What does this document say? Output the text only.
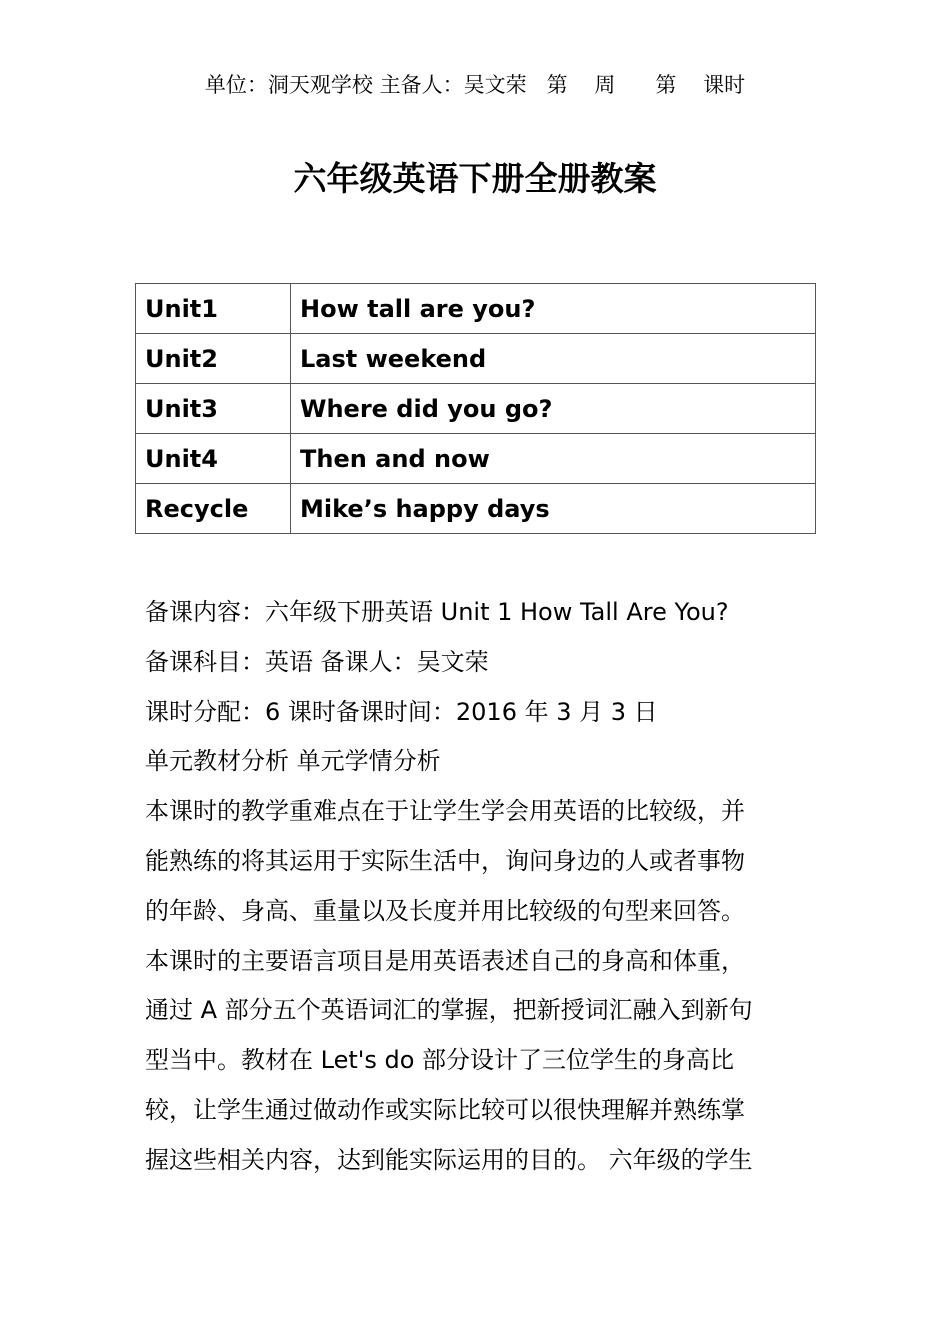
单位：洞天观学校 主备人：吴文荣   第    周      第    课时
六年级英语下册全册教案
Unit1	How tall are you?
Unit2	Last weekend
Unit3	Where did you go?
Unit4	Then and now
Recycle	Mike’s happy days
备课内容：六年级下册英语 Unit 1 How Tall Are You?
备课科目：英语 备课人：吴文荣
课时分配：6 课时备课时间：2016 年 3 月 3 日
单元教材分析 单元学情分析
本课时的教学重难点在于让学生学会用英语的比较级，并
能熟练的将其运用于实际生活中，询问身边的人或者事物
的年龄、身高、重量以及长度并用比较级的句型来回答。
本课时的主要语言项目是用英语表述自己的身高和体重，
通过 A 部分五个英语词汇的掌握，把新授词汇融入到新句
型当中。教材在 Let's do 部分设计了三位学生的身高比
较，让学生通过做动作或实际比较可以很快理解并熟练掌
握这些相关内容，达到能实际运用的目的。 六年级的学生
